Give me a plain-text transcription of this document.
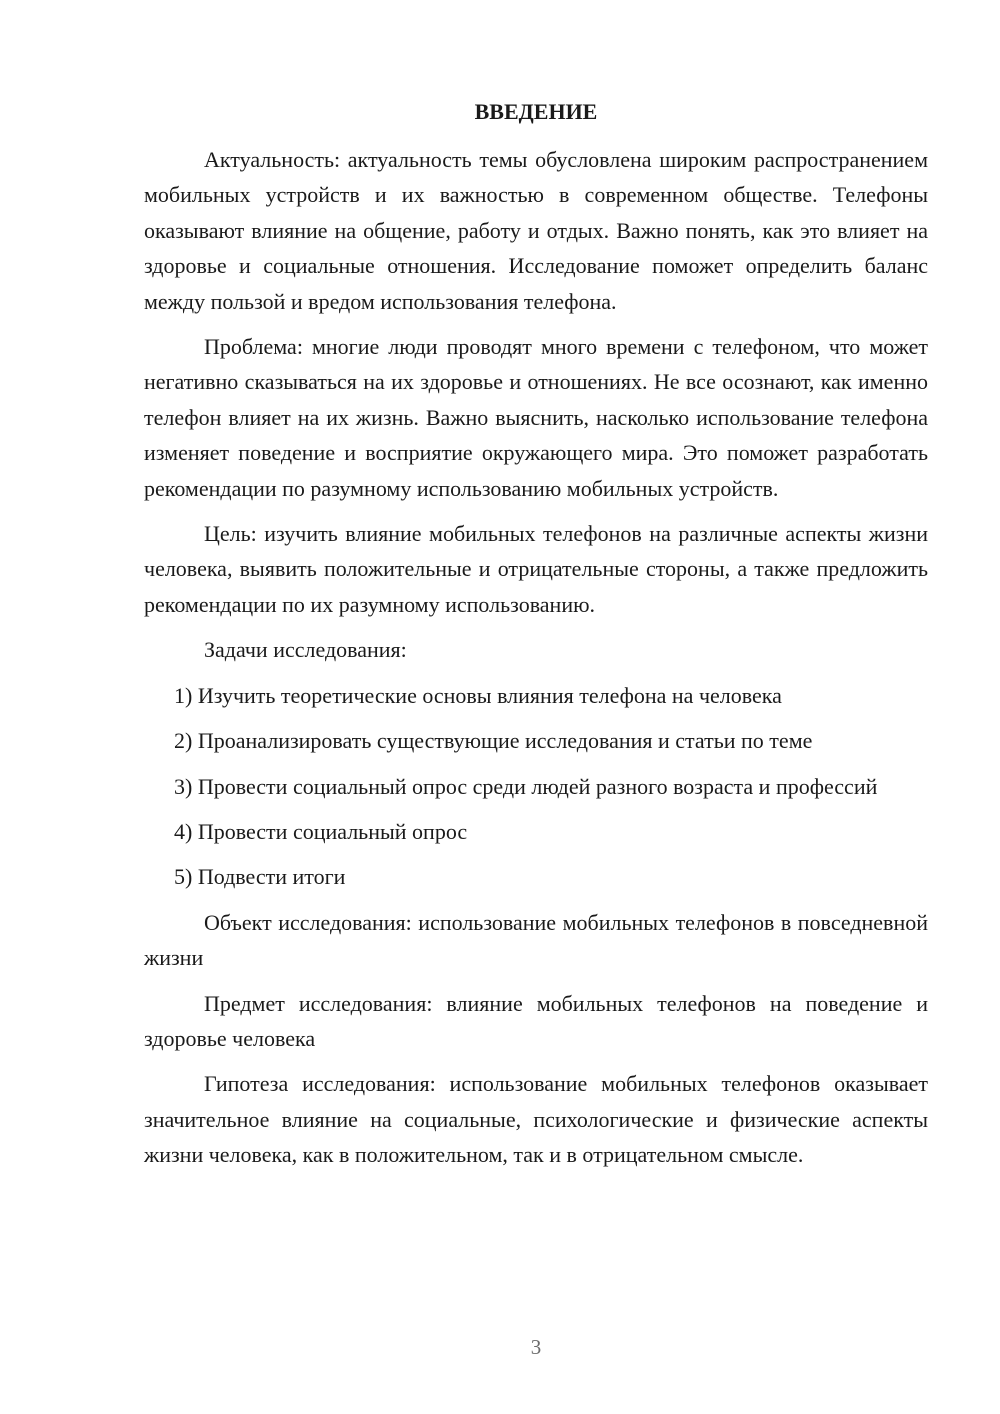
ВВЕДЕНИЕ

Актуальность: актуальность темы обусловлена широким распространением мобильных устройств и их важностью в современном обществе. Телефоны оказывают влияние на общение, работу и отдых. Важно понять, как это влияет на здоровье и социальные отношения. Исследование поможет определить баланс между пользой и вредом использования телефона.

Проблема: многие люди проводят много времени с телефоном, что может негативно сказываться на их здоровье и отношениях. Не все осознают, как именно телефон влияет на их жизнь. Важно выяснить, насколько использование телефона изменяет поведение и восприятие окружающего мира. Это поможет разработать рекомендации по разумному использованию мобильных устройств.

Цель: изучить влияние мобильных телефонов на различные аспекты жизни человека, выявить положительные и отрицательные стороны, а также предложить рекомендации по их разумному использованию.

Задачи исследования:

1) Изучить теоретические основы влияния телефона на человека

2) Проанализировать существующие исследования и статьи по теме

3) Провести социальный опрос среди людей разного возраста и профессий

4) Провести социальный опрос

5) Подвести итоги

Объект исследования: использование мобильных телефонов в повседневной жизни

Предмет исследования: влияние мобильных телефонов на поведение и здоровье человека

Гипотеза исследования: использование мобильных телефонов оказывает значительное влияние на социальные, психологические и физические аспекты жизни человека, как в положительном, так и в отрицательном смысле.

3
